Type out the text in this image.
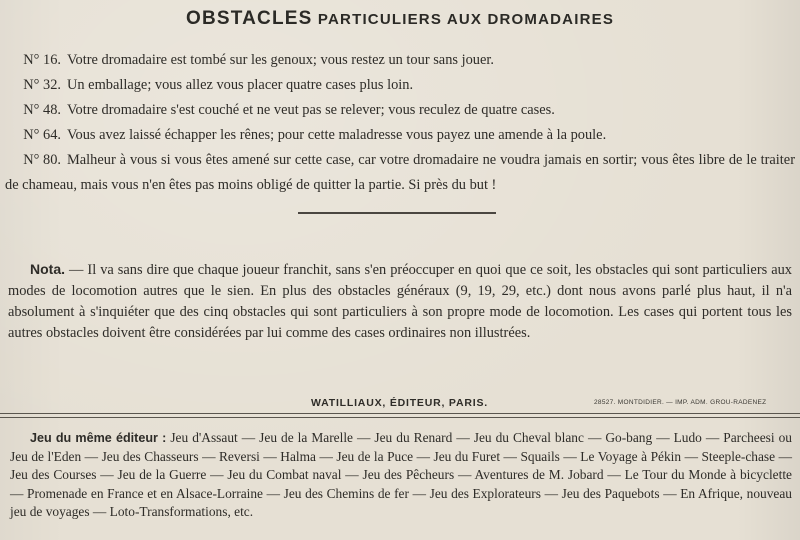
OBSTACLES PARTICULIERS AUX DROMADAIRES
N° 16. Votre dromadaire est tombé sur les genoux; vous restez un tour sans jouer.
N° 32. Un emballage; vous allez vous placer quatre cases plus loin.
N° 48. Votre dromadaire s'est couché et ne veut pas se relever; vous reculez de quatre cases.
N° 64. Vous avez laissé échapper les rênes; pour cette maladresse vous payez une amende à la poule.
N° 80. Malheur à vous si vous êtes amené sur cette case, car votre dromadaire ne voudra jamais en sortir; vous êtes libre de le traiter de chameau, mais vous n'en êtes pas moins obligé de quitter la partie. Si près du but !
Nota. — Il va sans dire que chaque joueur franchit, sans s'en préoccuper en quoi que ce soit, les obstacles qui sont particuliers aux modes de locomotion autres que le sien. En plus des obstacles généraux (9, 19, 29, etc.) dont nous avons parlé plus haut, il n'a absolument à s'inquiéter que des cinq obstacles qui sont particuliers à son propre mode de locomotion. Les cases qui portent tous les autres obstacles doivent être considérées par lui comme des cases ordinaires non illustrées.
WATILLIAUX, ÉDITEUR, PARIS.	28527. MONTDIDIER. — IMP. ADM. GROU-RADENEZ
Jeu du même éditeur : Jeu d'Assaut — Jeu de la Marelle — Jeu du Renard — Jeu du Cheval blanc — Go-bang — Ludo — Parcheesi ou Jeu de l'Eden — Jeu des Chasseurs — Reversi — Halma — Jeu de la Puce — Jeu du Furet — Squails — Le Voyage à Pékin — Steeple-chase — Jeu des Courses — Jeu de la Guerre — Jeu du Combat naval — Jeu des Pêcheurs — Aventures de M. Jobard — Le Tour du Monde à bicyclette — Promenade en France et en Alsace-Lorraine — Jeu des Chemins de fer — Jeu des Explorateurs — Jeu des Paquebots — En Afrique, nouveau jeu de voyages — Loto-Transformations, etc.
